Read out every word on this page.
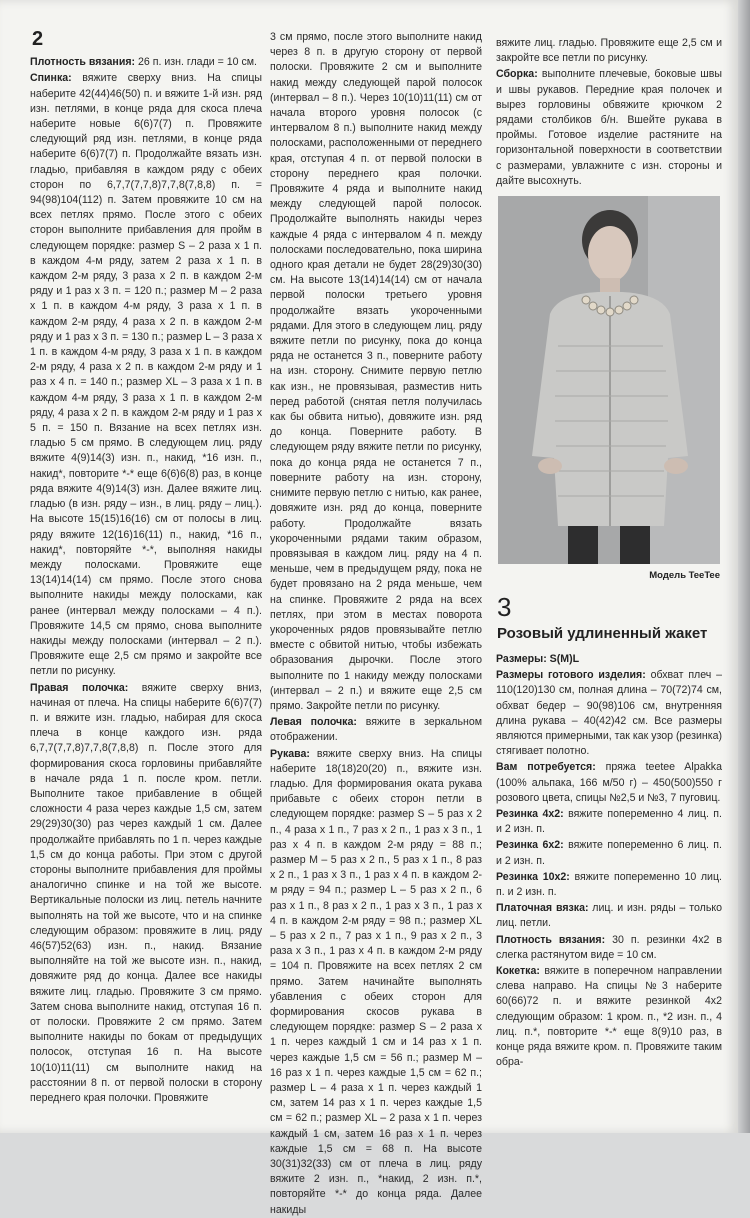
2

Плотность вязания: 26 п. изн. глади = 10 см.

Спинка: вяжите сверху вниз. На спицы наберите 42(44)46(50) п. и вяжите 1-й изн. ряд изн. петлями, в конце ряда для скоса плеча наберите новые 6(6)7(7) п. Провяжите следующий ряд изн. петлями, в конце ряда наберите 6(6)7(7) п. Продолжайте вязать изн. гладью, прибавляя в каждом ряду с обеих сторон по 6,7,7(7,7,8)7,7,8(7,8,8) п. = 94(98)104(112) п. Затем провяжите 10 см на всех петлях прямо. После этого с обеих сторон выполните прибавления для пройм в следующем порядке: размер S – 2 раза х 1 п. в каждом 4-м ряду, затем 2 раза х 1 п. в каждом 2-м ряду, 3 раза х 2 п. в каждом 2-м ряду и 1 раз х 3 п. = 120 п.; размер M – 2 раза х 1 п. в каждом 4-м ряду, 3 раза х 1 п. в каждом 2-м ряду, 4 раза х 2 п. в каждом 2-м ряду и 1 раз х 3 п. = 130 п.; размер L – 3 раза х 1 п. в каждом 4-м ряду, 3 раза х 1 п. в каждом 2-м ряду, 4 раза х 2 п. в каждом 2-м ряду и 1 раз х 4 п. = 140 п.; размер XL – 3 раза х 1 п. в каждом 4-м ряду, 3 раза х 1 п. в каждом 2-м ряду, 4 раза х 2 п. в каждом 2-м ряду и 1 раз х 5 п. = 150 п. Вязание на всех петлях изн. гладью 5 см прямо. В следующем лиц. ряду вяжите 4(9)14(3) изн. п., накид, *16 изн. п., накид*, повторите *-* еще 6(6)6(8) раз, в конце ряда вяжите 4(9)14(3) изн. Далее вяжите лиц. гладью (в изн. ряду – изн., в лиц. ряду – лиц.). На высоте 15(15)16(16) см от полосы в лиц. ряду вяжите 12(16)16(11) п., накид, *16 п., накид*, повторяйте *-*, выполняя накиды между полосками. Провяжите еще 13(14)14(14) см прямо. После этого снова выполните накиды между полосками, как ранее (интервал между полосками – 4 п.). Провяжите 14,5 см прямо, снова выполните накиды между полосками (интервал – 2 п.). Провяжите еще 2,5 см прямо и закройте все петли по рисунку.

Правая полочка: вяжите сверху вниз, начиная от плеча. На спицы наберите 6(6)7(7) п. и вяжите изн. гладью, набирая для скоса плеча в конце каждого изн. ряда 6,7,7(7,7,8)7,7,8(7,8,8) п. После этого для формирования скоса горловины прибавляйте в начале ряда 1 п. после кром. петли. Выполните такое прибавление в общей сложности 4 раза через каждые 1,5 см, затем 29(29)30(30) раз через каждый 1 см. Далее продолжайте прибавлять по 1 п. через каждые 1,5 см до конца работы. При этом с другой стороны выполните прибавления для проймы аналогично спинке и на той же высоте. Вертикальные полоски из лиц. петель начните выполнять на той же высоте, что и на спинке следующим образом: провяжите в лиц. ряду 46(57)52(63) изн. п., накид. Вязание выполняйте на той же высоте изн. п., накид, довяжите ряд до конца. Далее все накиды вяжите лиц. гладью. Провяжите 3 см прямо. Затем снова выполните накид, отступая 16 п. от полоски. Провяжите 2 см прямо. Затем выполните накиды по бокам от предыдущих полосок, отступая 16 п. На высоте 10(10)11(11) см выполните накид на расстоянии 8 п. от первой полоски в сторону переднего края полочки. Провяжите

3 см прямо, после этого выполните накид через 8 п. в другую сторону от первой полоски. Провяжите 2 см и выполните накид между следующей парой полосок (интервал – 8 п.). Через 10(10)11(11) см от начала второго уровня полосок (с интервалом 8 п.) выполните накид между полосками, расположенными от переднего края, отступая 4 п. от первой полоски в сторону переднего края полочки. Провяжите 4 ряда и выполните накид между следующей парой полосок. Продолжайте выполнять накиды через каждые 4 ряда с интервалом 4 п. между полосками последовательно, пока ширина одного края детали не будет 28(29)30(30) см. На высоте 13(14)14(14) см от начала первой полоски третьего уровня продолжайте вязать укороченными рядами. Для этого в следующем лиц. ряду вяжите петли по рисунку, пока до конца ряда не останется 3 п., поверните работу на изн. сторону. Снимите первую петлю как изн., не провязывая, разместив нить перед работой (снятая петля получилась как бы обвита нитью), довяжите изн. ряд до конца. Поверните работу. В следующем ряду вяжите петли по рисунку, пока до конца ряда не останется 7 п., поверните работу на изн. сторону, снимите первую петлю с нитью, как ранее, довяжите изн. ряд до конца, поверните работу. Продолжайте вязать укороченными рядами таким образом, провязывая в каждом лиц. ряду на 4 п. меньше, чем в предыдущем ряду, пока не будет провязано на 2 ряда меньше, чем на спинке. Провяжите 2 ряда на всех петлях, при этом в местах поворота укороченных рядов провязывайте петлю вместе с обвитой нитью, чтобы избежать образования дырочки. После этого выполните по 1 накиду между полосками (интервал – 2 п.) и вяжите еще 2,5 см прямо. Закройте петли по рисунку.

Левая полочка: вяжите в зеркальном отображении.

Рукава: вяжите сверху вниз. На спицы наберите 18(18)20(20) п., вяжите изн. гладью. Для формирования оката рукава прибавьте с обеих сторон петли в следующем порядке: размер S – 5 раз х 2 п., 4 раза х 1 п., 7 раз х 2 п., 1 раз х 3 п., 1 раз х 4 п. в каждом 2-м ряду = 88 п.; размер M – 5 раз х 2 п., 5 раз х 1 п., 8 раз х 2 п., 1 раз х 3 п., 1 раз х 4 п. в каждом 2-м ряду = 94 п.; размер L – 5 раз х 2 п., 6 раз х 1 п., 8 раз х 2 п., 1 раз х 3 п., 1 раз х 4 п. в каждом 2-м ряду = 98 п.; размер XL – 5 раз х 2 п., 7 раз х 1 п., 9 раз х 2 п., 3 раза х 3 п., 1 раз х 4 п. в каждом 2-м ряду = 104 п. Провяжите на всех петлях 2 см прямо. Затем начинайте выполнять убавления с обеих сторон для формирования скосов рукава в следующем порядке: размер S – 2 раза х 1 п. через каждый 1 см и 14 раз х 1 п. через каждые 1,5 см = 56 п.; размер M – 16 раз х 1 п. через каждые 1,5 см = 62 п.; размер L – 4 раза х 1 п. через каждый 1 см, затем 14 раз х 1 п. через каждые 1,5 см = 62 п.; размер XL – 2 раза х 1 п. через каждый 1 см, затем 16 раз х 1 п. через каждые 1,5 см = 68 п. На высоте 30(31)32(33) см от плеча в лиц. ряду вяжите 2 изн. п., *накид, 2 изн. п.*, повторяйте *-* до конца ряда. Далее накиды

вяжите лиц. гладью. Провяжите еще 2,5 см и закройте все петли по рисунку.

Сборка: выполните плечевые, боковые швы и швы рукавов. Передние края полочек и вырез горловины обвяжите крючком 2 рядами столбиков б/н. Вшейте рукава в проймы. Готовое изделие растяните на горизонтальной поверхности в соответствии с размерами, увлажните с изн. стороны и дайте высохнуть.

Модель TeeTee
3
Розовый удлиненный жакет

Размеры: S(M)L

Размеры готового изделия: обхват плеч – 110(120)130 см, полная длина – 70(72)74 см, обхват бедер – 90(98)106 см, внутренняя длина рукава – 40(42)42 см. Все размеры являются примерными, так как узор (резинка) стягивает полотно.

Вам потребуется: пряжа teetee Alpakka (100% альпака, 166 м/50 г) – 450(500)550 г розового цвета, спицы №2,5 и №3, 7 пуговиц.

Резинка 4х2: вяжите попеременно 4 лиц. п. и 2 изн. п.

Резинка 6х2: вяжите попеременно 6 лиц. п. и 2 изн. п.

Резинка 10х2: вяжите попеременно 10 лиц. п. и 2 изн. п.

Платочная вязка: лиц. и изн. ряды – только лиц. петли.

Плотность вязания: 30 п. резинки 4х2 в слегка растянутом виде = 10 см.

Кокетка: вяжите в поперечном направлении слева направо. На спицы №3 наберите 60(66)72 п. и вяжите резинкой 4х2 следующим образом: 1 кром. п., *2 изн. п., 4 лиц. п.*, повторите *-* еще 8(9)10 раз, в конце ряда вяжите кром. п. Провяжите таким обра-
